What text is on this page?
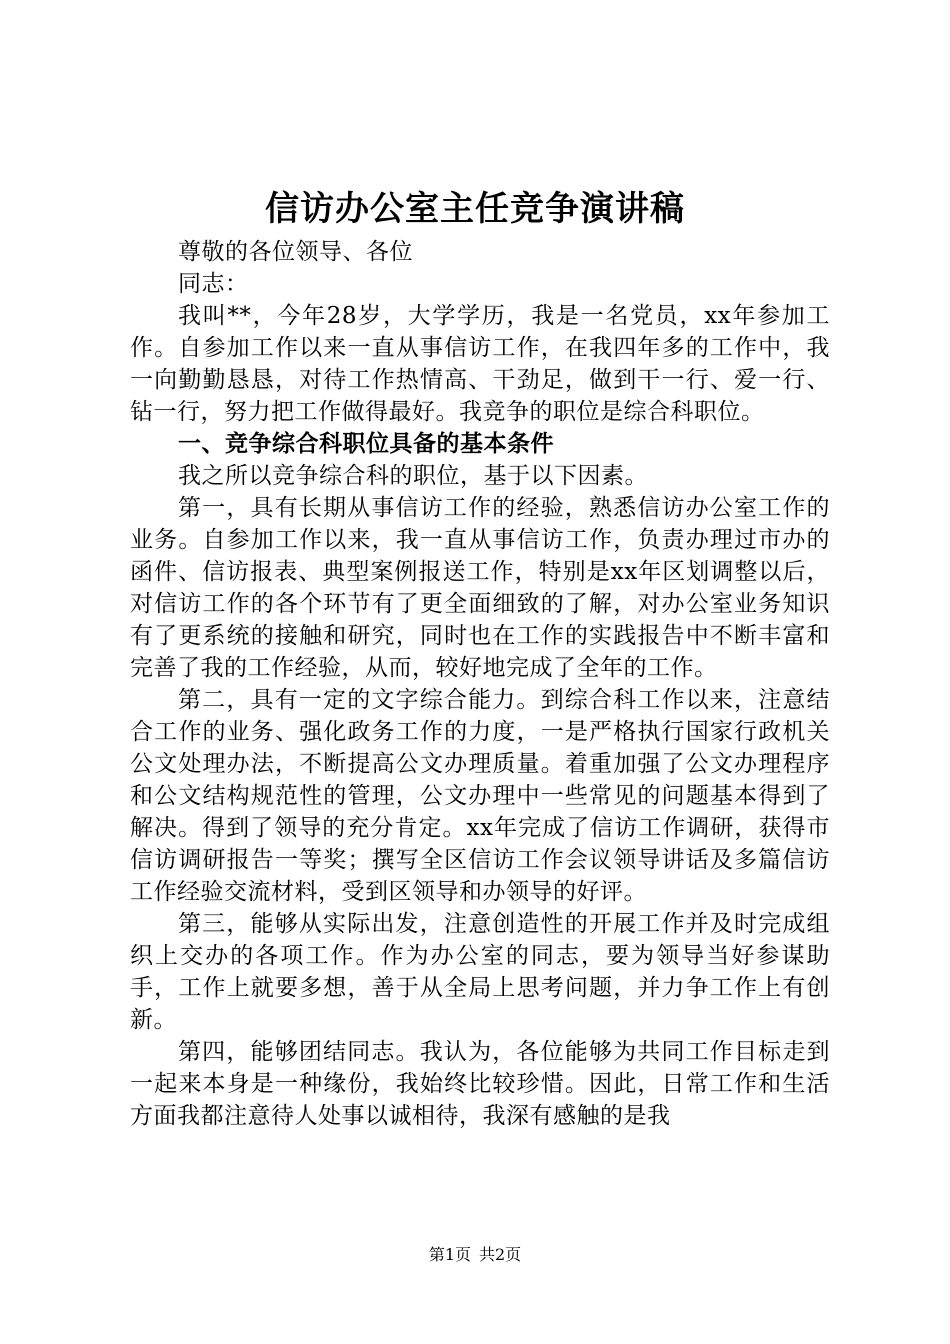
信访办公室主任竞争演讲稿

尊敬的各位领导、各位

同志：

我叫**，今年28岁，大学学历，我是一名党员，xx年参加工作。自参加工作以来一直从事信访工作，在我四年多的工作中，我一向勤勤恳恳，对待工作热情高、干劲足，做到干一行、爱一行、钻一行，努力把工作做得最好。我竞争的职位是综合科职位。

一、竞争综合科职位具备的基本条件

我之所以竞争综合科的职位，基于以下因素。

第一，具有长期从事信访工作的经验，熟悉信访办公室工作的业务。自参加工作以来，我一直从事信访工作，负责办理过市办的函件、信访报表、典型案例报送工作，特别是xx年区划调整以后，对信访工作的各个环节有了更全面细致的了解，对办公室业务知识有了更系统的接触和研究，同时也在工作的实践报告中不断丰富和完善了我的工作经验，从而，较好地完成了全年的工作。

第二，具有一定的文字综合能力。到综合科工作以来，注意结合工作的业务、强化政务工作的力度，一是严格执行国家行政机关公文处理办法，不断提高公文办理质量。着重加强了公文办理程序和公文结构规范性的管理，公文办理中一些常见的问题基本得到了解决。得到了领导的充分肯定。xx年完成了信访工作调研，获得市信访调研报告一等奖；撰写全区信访工作会议领导讲话及多篇信访工作经验交流材料，受到区领导和办领导的好评。

第三，能够从实际出发，注意创造性的开展工作并及时完成组织上交办的各项工作。作为办公室的同志，要为领导当好参谋助手，工作上就要多想，善于从全局上思考问题，并力争工作上有创新。

第四，能够团结同志。我认为，各位能够为共同工作目标走到一起来本身是一种缘份，我始终比较珍惜。因此，日常工作和生活方面我都注意待人处事以诚相待，我深有感触的是我

第1页 共2页
